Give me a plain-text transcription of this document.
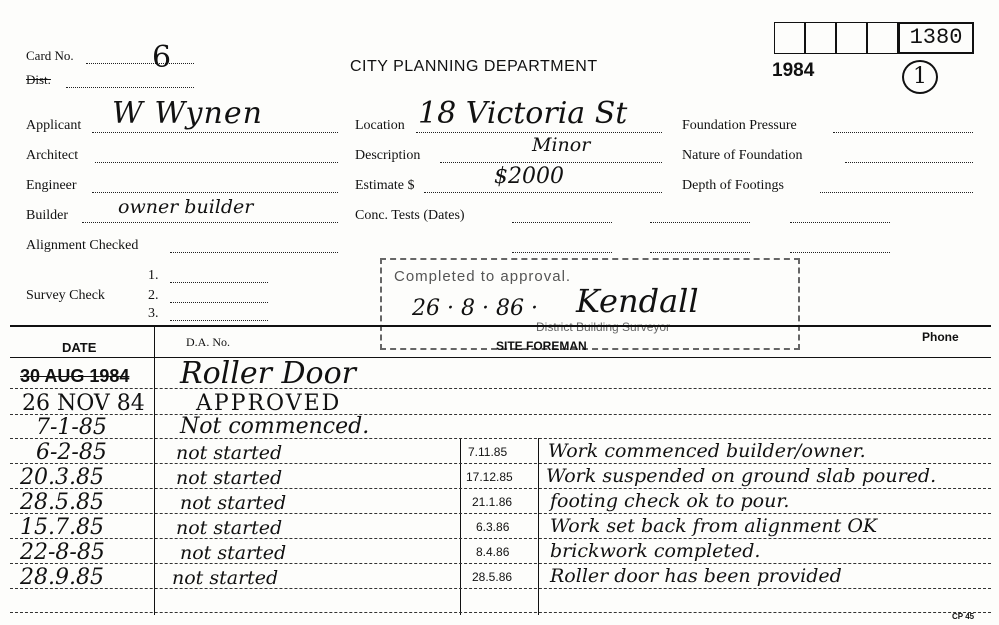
Card No.	6
Dist.
CITY PLANNING DEPARTMENT	1984
1380
1
Applicant W Wynen
Architect
Engineer
Builder	owner builder
Alignment Checked
Survey Check
1.
2.
3.
Location 18 Victoria St
Description	Minor
Estimate $	$2000
Conc. Tests (Dates)
Foundation Pressure
Nature of Foundation
Depth of Footings
Completed to approval.
26 · 8 · 86 · Kendall
District Building Surveyor
DATE	D.A. No.	SITE FOREMAN
Phone
30 AUG 1984 Roller Door
26 NOV 84 APPROVED
7-1-85	Not commenced.
6-2-85	not started	7.11.85 Work commenced builder/owner.
20.3.85	not started	17.12.85 Work suspended on ground slab poured.
28.5.85	not started	21.1.86 footing check ok to pour.
15.7.85	not started	6.3.86 Work set back from alignment OK
22-8-85	not started	8.4.86 brickwork completed.
28.9.85	not started	28.5.86 Roller door has been provided
CP 45
